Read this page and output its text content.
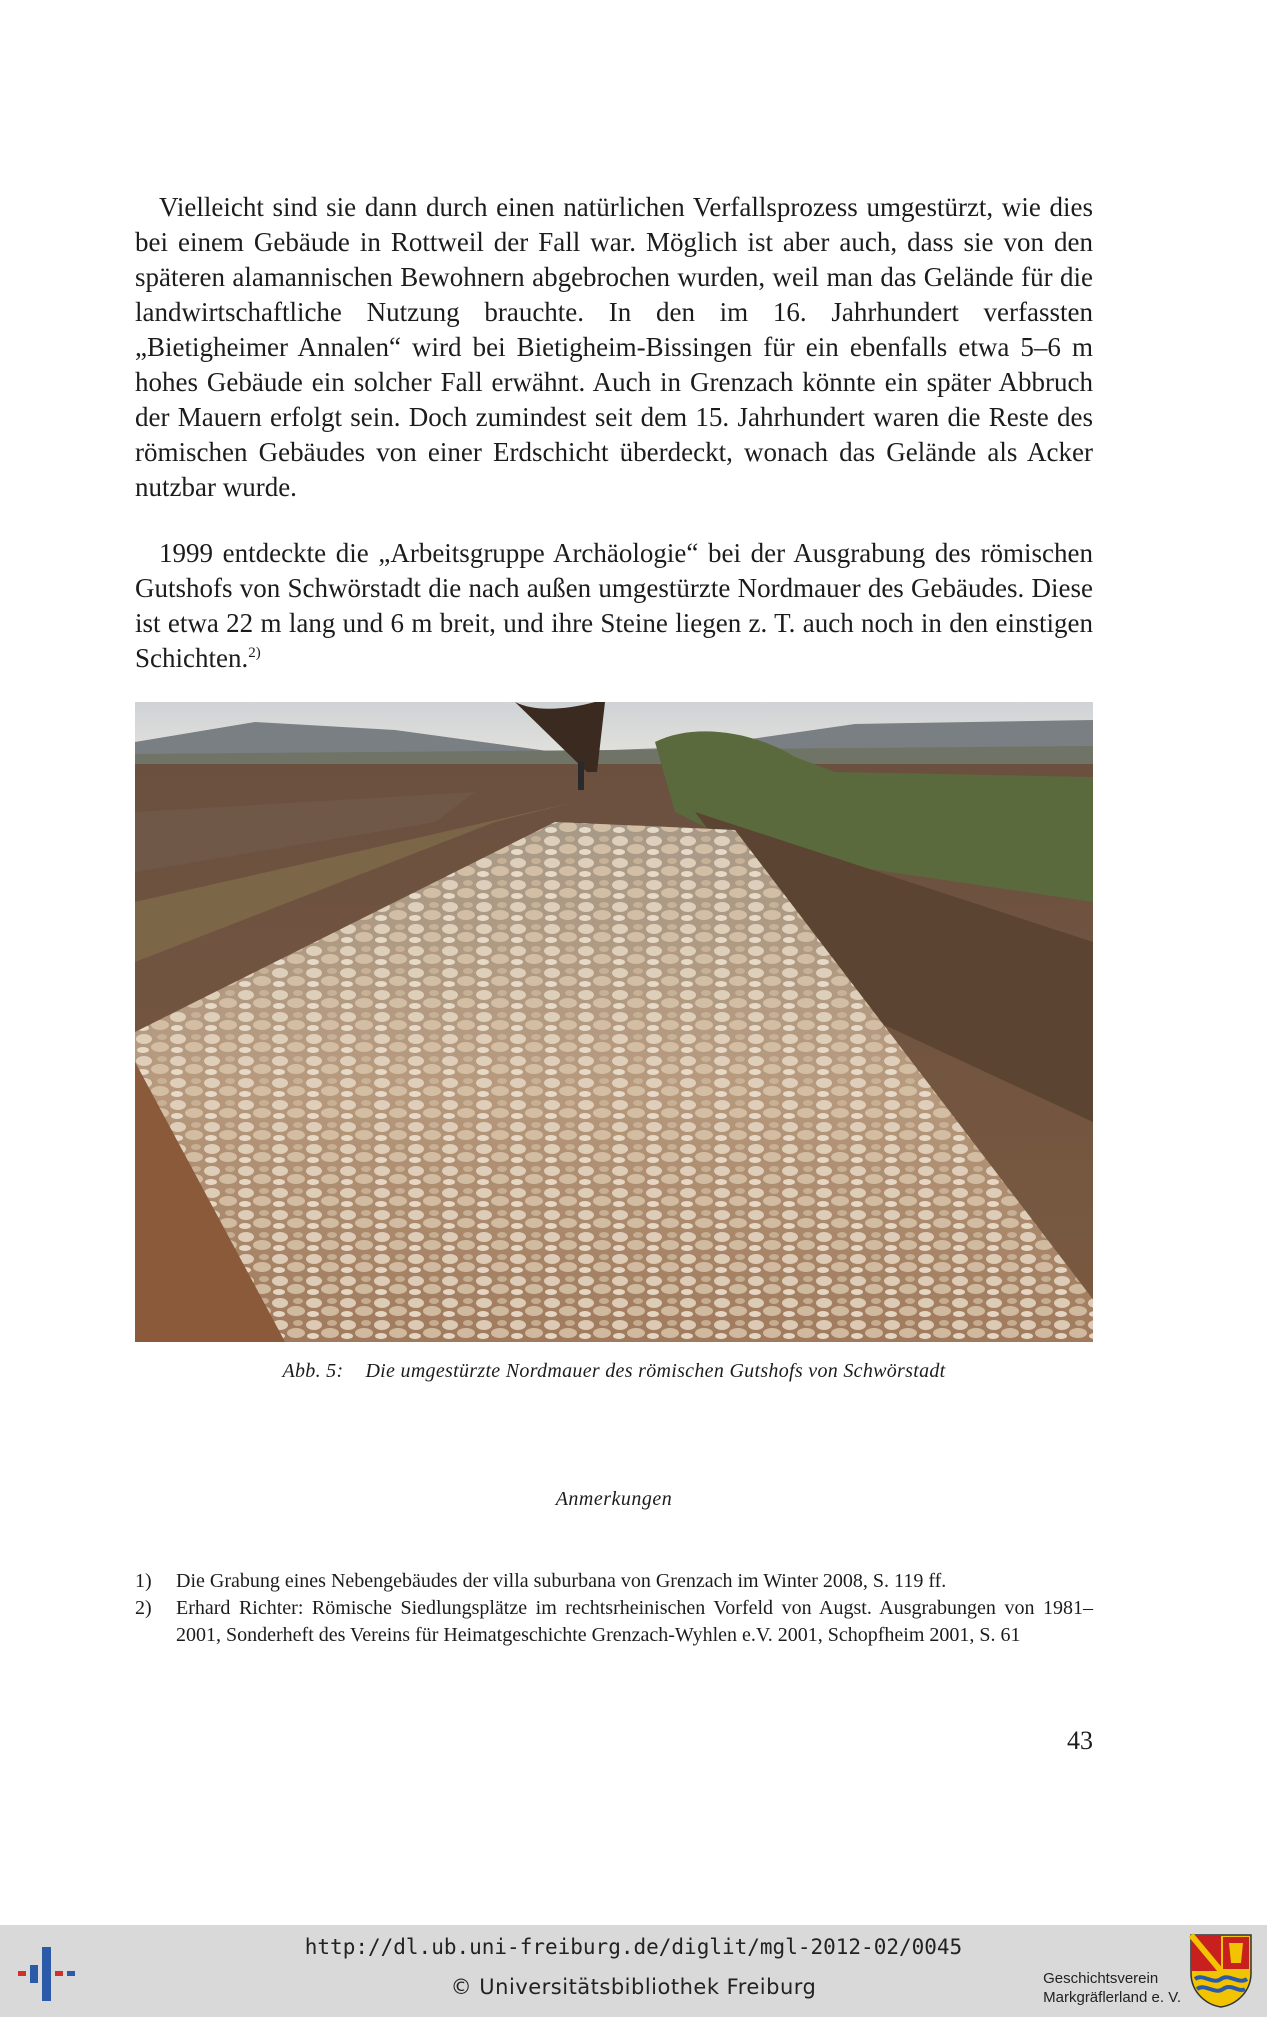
Vielleicht sind sie dann durch einen natürlichen Verfallsprozess umgestürzt, wie dies bei einem Gebäude in Rottweil der Fall war. Möglich ist aber auch, dass sie von den späteren alamannischen Bewohnern abgebrochen wurden, weil man das Gelände für die landwirtschaftliche Nutzung brauchte. In den im 16. Jahrhundert verfassten „Bietigheimer Annalen“ wird bei Bietigheim-Bissingen für ein ebenfalls etwa 5–6 m hohes Gebäude ein solcher Fall erwähnt. Auch in Grenzach könnte ein später Abbruch der Mauern erfolgt sein. Doch zumindest seit dem 15. Jahrhundert waren die Reste des römischen Gebäudes von einer Erdschicht überdeckt, wonach das Gelände als Acker nutzbar wurde.

1999 entdeckte die „Arbeitsgruppe Archäologie“ bei der Ausgrabung des römischen Gutshofs von Schwörstadt die nach außen umgestürzte Nordmauer des Gebäudes. Diese ist etwa 22 m lang und 6 m breit, und ihre Steine liegen z. T. auch noch in den einstigen Schichten.$^{2)}$

Abb. 5: Die umgestürzte Nordmauer des römischen Gutshofs von Schwörstadt
Anmerkungen
1)	Die Grabung eines Nebengebäudes der villa suburbana von Grenzach im Winter 2008, S. 119 ff.
2)	Erhard Richter: Römische Siedlungsplätze im rechtsrheinischen Vorfeld von Augst. Ausgrabungen von 1981–2001, Sonderheft des Vereins für Heimatgeschichte Grenzach-Wyhlen e.V. 2001, Schopfheim 2001, S. 61
43
http://dl.ub.uni-freiburg.de/diglit/mgl-2012-02/0045
© Universitätsbibliothek Freiburg	Geschichtsverein
Markgräflerland e. V.
